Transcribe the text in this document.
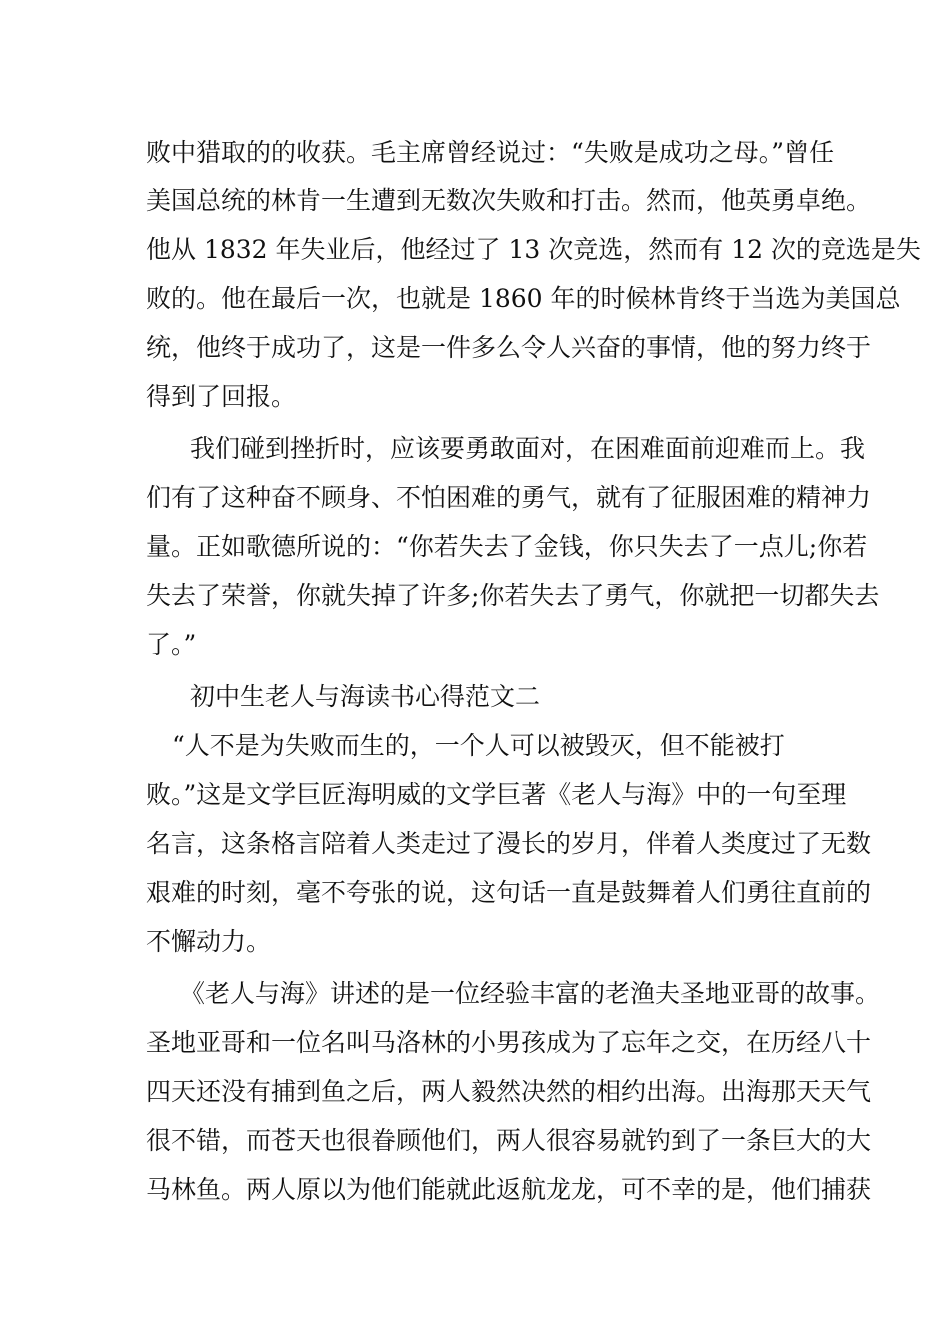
败中猎取的的收获。毛主席曾经说过：“失败是成功之母。”曾任
美国总统的林肯一生遭到无数次失败和打击。然而，他英勇卓绝。
他从 1832 年失业后，他经过了 13 次竞选，然而有 12 次的竞选是失
败的。他在最后一次，也就是 1860 年的时候林肯终于当选为美国总
统，他终于成功了，这是一件多么令人兴奋的事情，他的努力终于
得到了回报。
我们碰到挫折时，应该要勇敢面对，在困难面前迎难而上。我
们有了这种奋不顾身、不怕困难的勇气，就有了征服困难的精神力
量。正如歌德所说的：“你若失去了金钱，你只失去了一点儿;你若
失去了荣誉，你就失掉了许多;你若失去了勇气，你就把一切都失去
了。”
初中生老人与海读书心得范文二
“人不是为失败而生的，一个人可以被毁灭，但不能被打
败。”这是文学巨匠海明威的文学巨著《老人与海》中的一句至理
名言，这条格言陪着人类走过了漫长的岁月，伴着人类度过了无数
艰难的时刻，毫不夸张的说，这句话一直是鼓舞着人们勇往直前的
不懈动力。
《老人与海》讲述的是一位经验丰富的老渔夫圣地亚哥的故事。
圣地亚哥和一位名叫马洛林的小男孩成为了忘年之交，在历经八十
四天还没有捕到鱼之后，两人毅然决然的相约出海。出海那天天气
很不错，而苍天也很眷顾他们，两人很容易就钓到了一条巨大的大
马林鱼。两人原以为他们能就此返航龙龙，可不幸的是，他们捕获
